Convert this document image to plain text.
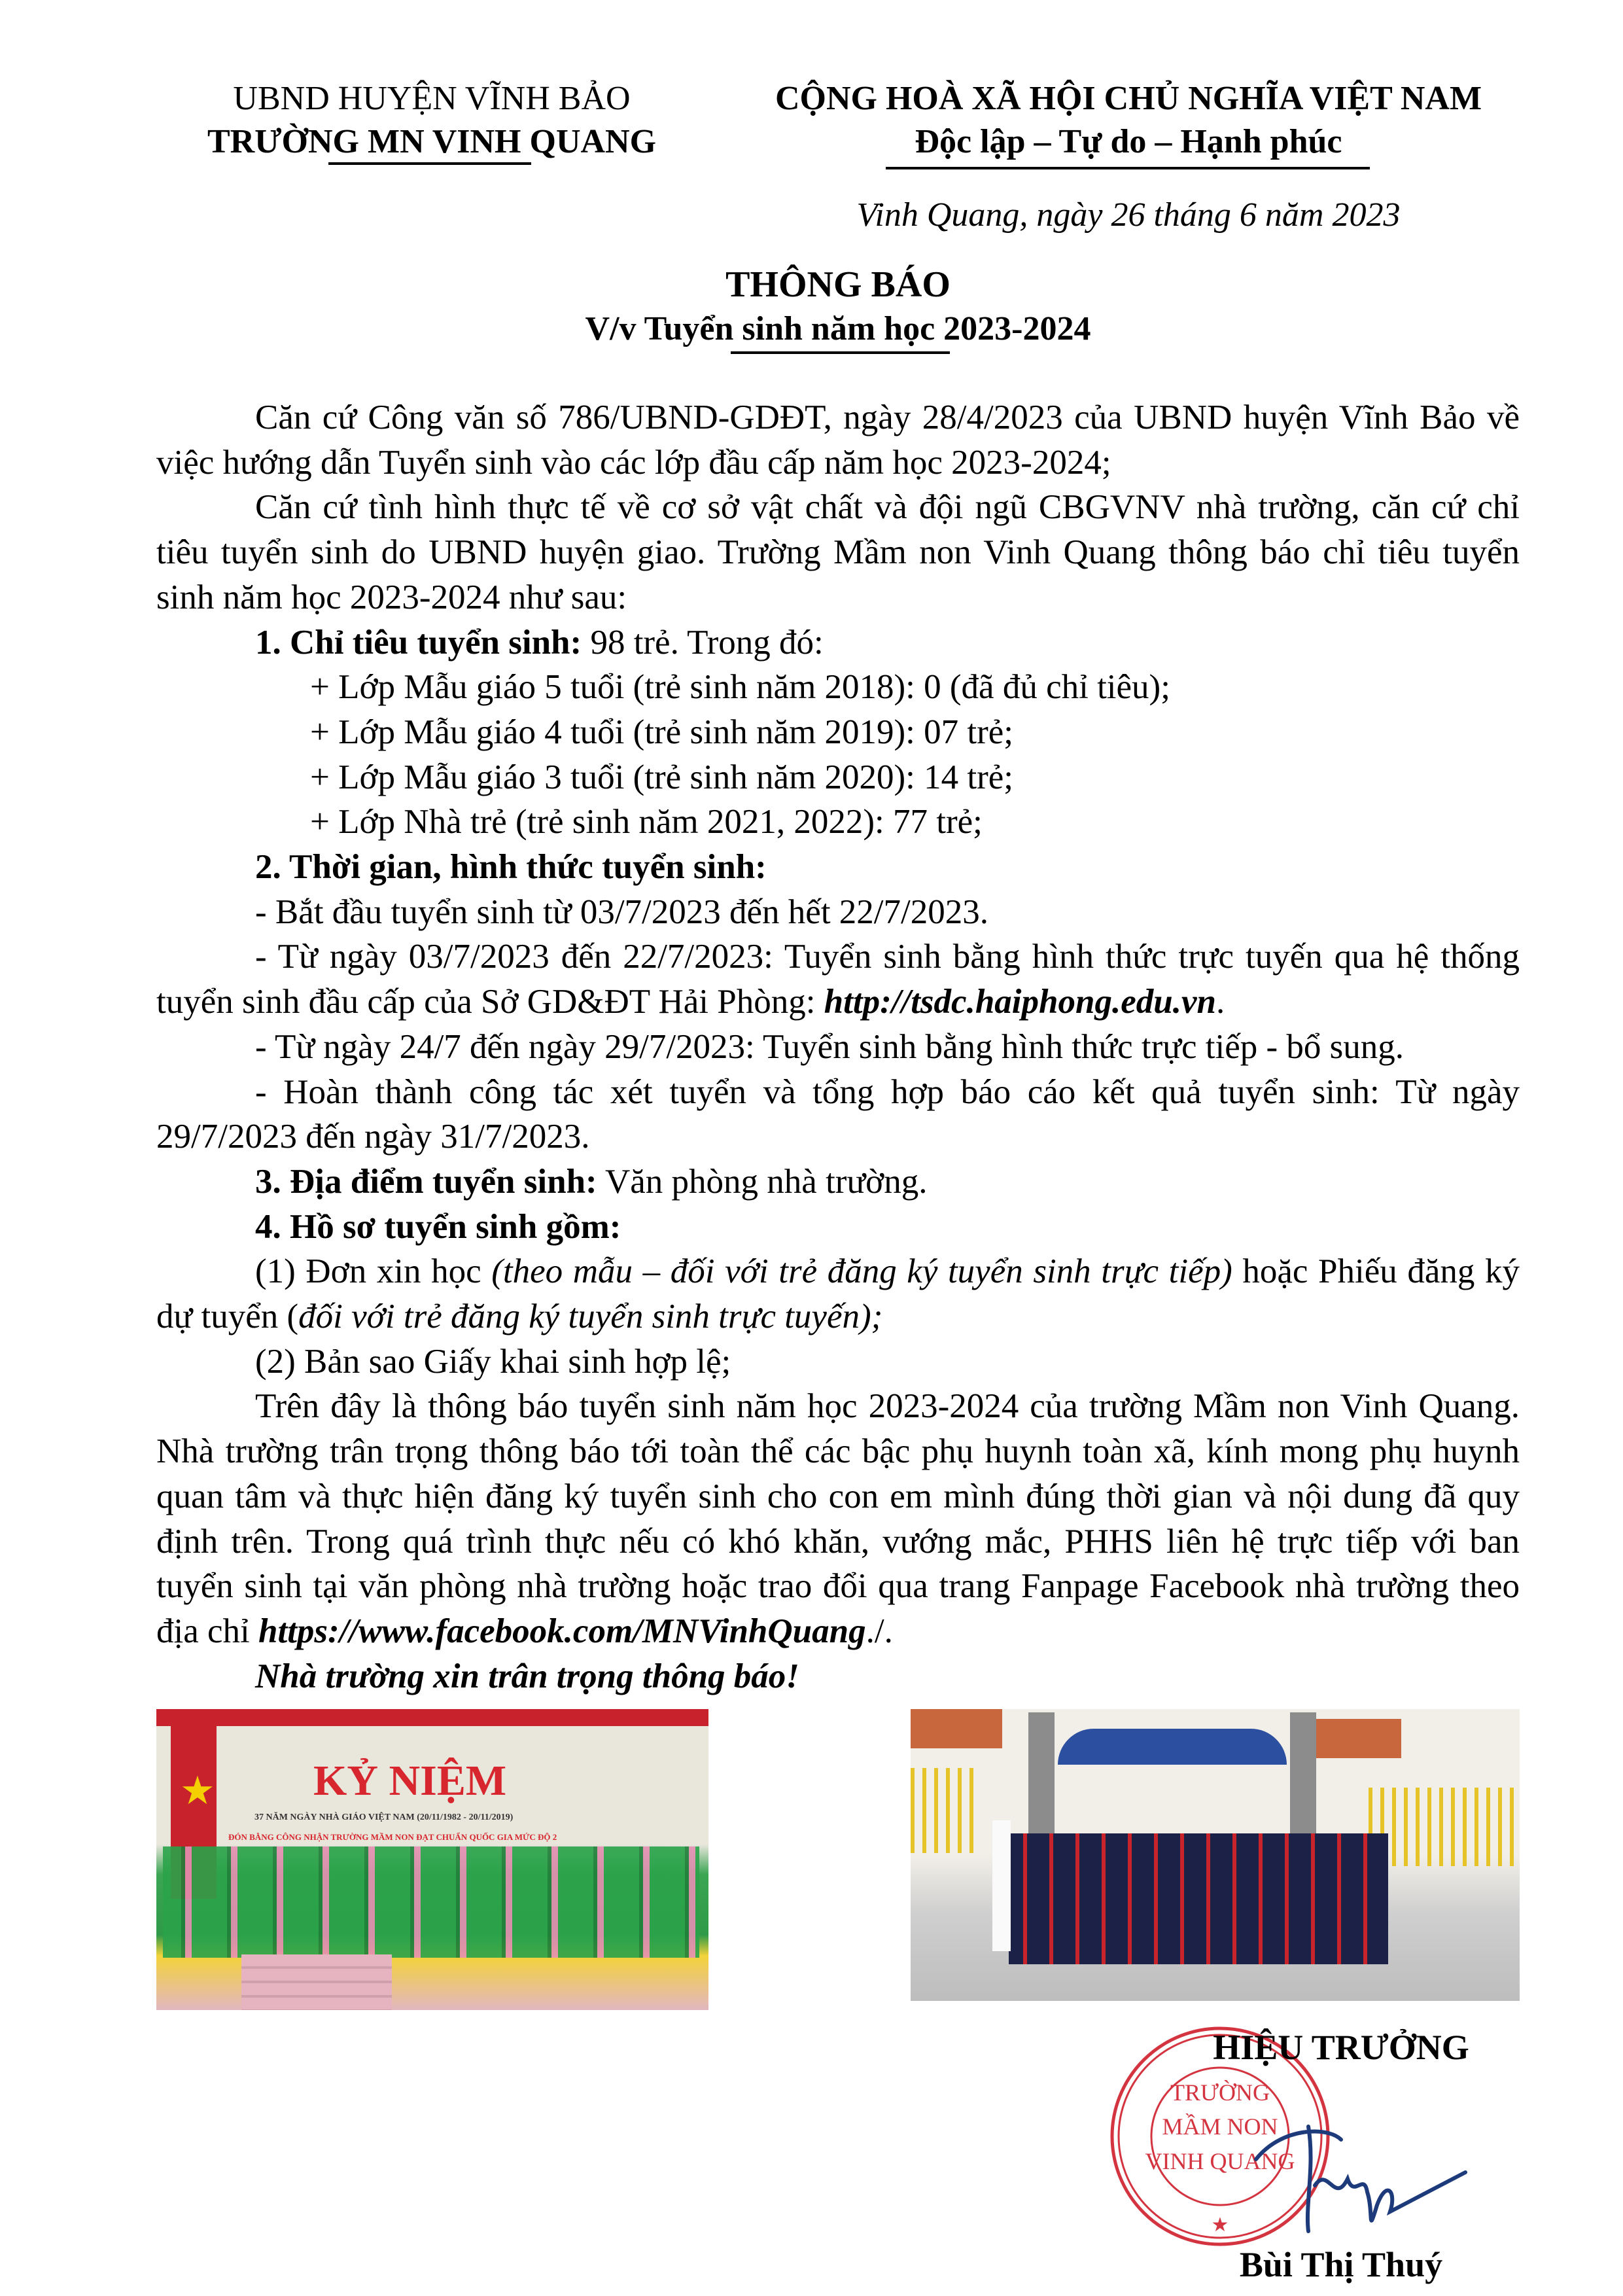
UBND HUYỆN VĨNH BẢO
TRƯỜNG MN VINH QUANG
CỘNG HOÀ XÃ HỘI CHỦ NGHĨA VIỆT NAM
Độc lập – Tự do – Hạnh phúc
Vinh Quang, ngày 26 tháng 6 năm 2023
THÔNG BÁO
V/v Tuyển sinh năm học 2023-2024

Căn cứ Công văn số 786/UBND-GDĐT, ngày 28/4/2023 của UBND huyện Vĩnh Bảo về việc hướng dẫn Tuyển sinh vào các lớp đầu cấp năm học 2023-2024;

Căn cứ tình hình thực tế về cơ sở vật chất và đội ngũ CBGVNV nhà trường, căn cứ chỉ tiêu tuyển sinh do UBND huyện giao. Trường Mầm non Vinh Quang thông báo chỉ tiêu tuyển sinh năm học 2023-2024 như sau:

1. Chỉ tiêu tuyển sinh: 98 trẻ. Trong đó:

+ Lớp Mẫu giáo 5 tuổi (trẻ sinh năm 2018): 0 (đã đủ chỉ tiêu);

+ Lớp Mẫu giáo 4 tuổi (trẻ sinh năm 2019): 07 trẻ;

+ Lớp Mẫu giáo 3 tuổi (trẻ sinh năm 2020): 14 trẻ;

+ Lớp Nhà trẻ (trẻ sinh năm 2021, 2022): 77 trẻ;

2. Thời gian, hình thức tuyển sinh:

- Bắt đầu tuyển sinh từ 03/7/2023 đến hết 22/7/2023.

- Từ ngày 03/7/2023 đến 22/7/2023: Tuyển sinh bằng hình thức trực tuyến qua hệ thống tuyển sinh đầu cấp của Sở GD&ĐT Hải Phòng: http://tsdc.haiphong.edu.vn.

- Từ ngày 24/7 đến ngày 29/7/2023: Tuyển sinh bằng hình thức trực tiếp - bổ sung.

- Hoàn thành công tác xét tuyển và tổng hợp báo cáo kết quả tuyển sinh: Từ ngày 29/7/2023 đến ngày 31/7/2023.

3. Địa điểm tuyển sinh: Văn phòng nhà trường.

4. Hồ sơ tuyển sinh gồm:

(1) Đơn xin học (theo mẫu – đối với trẻ đăng ký tuyển sinh trực tiếp) hoặc Phiếu đăng ký dự tuyển (đối với trẻ đăng ký tuyển sinh trực tuyến);

(2) Bản sao Giấy khai sinh hợp lệ;

Trên đây là thông báo tuyển sinh năm học 2023-2024 của trường Mầm non Vinh Quang. Nhà trường trân trọng thông báo tới toàn thể các bậc phụ huynh toàn xã, kính mong phụ huynh quan tâm và thực hiện đăng ký tuyển sinh cho con em mình đúng thời gian và nội dung đã quy định trên. Trong quá trình thực nếu có khó khăn, vướng mắc, PHHS liên hệ trực tiếp với ban tuyển sinh tại văn phòng nhà trường hoặc trao đổi qua trang Fanpage Facebook nhà trường theo địa chỉ https://www.facebook.com/MNVinhQuang./.

Nhà trường xin trân trọng thông báo!

★ KỶ NIỆM
37 NĂM NGÀY NHÀ GIÁO VIỆT NAM (20/11/1982 - 20/11/2019)
ĐÓN BẰNG CÔNG NHẬN TRƯỜNG MẦM NON ĐẠT CHUẨN QUỐC GIA MỨC ĐỘ 2
TRƯỜNG
MẦM NON
VINH QUANG
★
HIỆU TRƯỞNG
Bùi Thị Thuý
